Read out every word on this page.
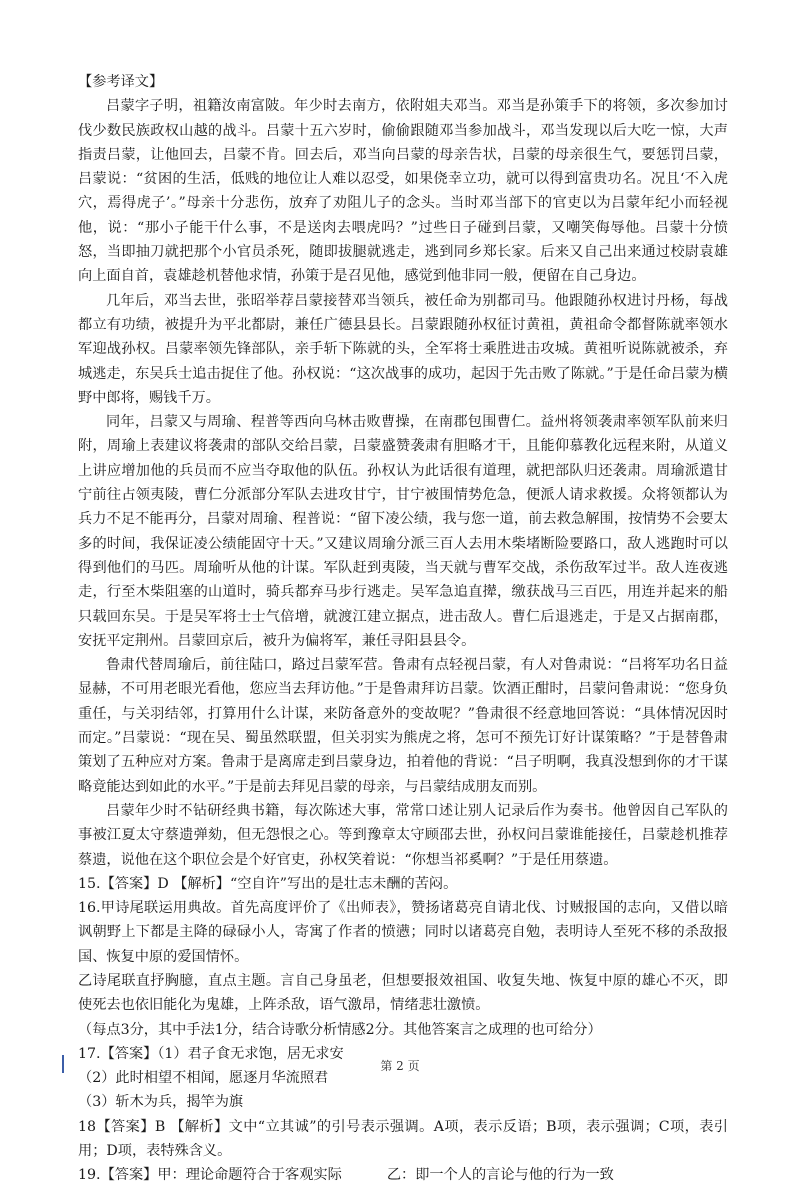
【参考译文】

吕蒙字子明，祖籍汝南富陂。年少时去南方，依附姐夫邓当。邓当是孙策手下的将领，多次参加讨伐少数民族政权山越的战斗。吕蒙十五六岁时，偷偷跟随邓当参加战斗，邓当发现以后大吃一惊，大声指责吕蒙，让他回去，吕蒙不肯。回去后，邓当向吕蒙的母亲告状，吕蒙的母亲很生气，要惩罚吕蒙，吕蒙说：“贫困的生活，低贱的地位让人难以忍受，如果侥幸立功，就可以得到富贵功名。况且‘不入虎穴，焉得虎子’。”母亲十分悲伤，放弃了劝阻儿子的念头。当时邓当部下的官吏以为吕蒙年纪小而轻视他，说：“那小子能干什么事，不是送肉去喂虎吗？”过些日子碰到吕蒙，又嘲笑侮辱他。吕蒙十分愤怒，当即抽刀就把那个小官员杀死，随即拔腿就逃走，逃到同乡郑长家。后来又自己出来通过校尉袁雄向上面自首，袁雄趁机替他求情，孙策于是召见他，感觉到他非同一般，便留在自己身边。

几年后，邓当去世，张昭举荐吕蒙接替邓当领兵，被任命为别都司马。他跟随孙权进讨丹杨，每战都立有功绩，被提升为平北都尉，兼任广德县县长。吕蒙跟随孙权征讨黄祖，黄祖命令都督陈就率领水军迎战孙权。吕蒙率领先锋部队，亲手斩下陈就的头，全军将士乘胜进击攻城。黄祖听说陈就被杀，弃城逃走，东吴兵士追击捉住了他。孙权说：“这次战事的成功，起因于先击败了陈就。”于是任命吕蒙为横野中郎将，赐钱千万。

同年，吕蒙又与周瑜、程普等西向乌林击败曹操，在南郡包围曹仁。益州将领袭肃率领军队前来归附，周瑜上表建议将袭肃的部队交给吕蒙，吕蒙盛赞袭肃有胆略才干，且能仰慕教化远程来附，从道义上讲应增加他的兵员而不应当夺取他的队伍。孙权认为此话很有道理，就把部队归还袭肃。周瑜派遣甘宁前往占领夷陵，曹仁分派部分军队去进攻甘宁，甘宁被围情势危急，便派人请求救援。众将领都认为兵力不足不能再分，吕蒙对周瑜、程普说：“留下凌公绩，我与您一道，前去救急解围，按情势不会要太多的时间，我保证凌公绩能固守十天。”又建议周瑜分派三百人去用木柴堵断险要路口，敌人逃跑时可以得到他们的马匹。周瑜听从他的计谋。军队赶到夷陵，当天就与曹军交战，杀伤敌军过半。敌人连夜逃走，行至木柴阻塞的山道时，骑兵都弃马步行逃走。吴军急追直撵，缴获战马三百匹，用连并起来的船只载回东吴。于是吴军将士士气倍增，就渡江建立据点，进击敌人。曹仁后退逃走，于是又占据南郡，安抚平定荆州。吕蒙回京后，被升为偏将军，兼任寻阳县县令。

鲁肃代替周瑜后，前往陆口，路过吕蒙军营。鲁肃有点轻视吕蒙，有人对鲁肃说：“吕将军功名日益显赫，不可用老眼光看他，您应当去拜访他。”于是鲁肃拜访吕蒙。饮酒正酣时，吕蒙问鲁肃说：“您身负重任，与关羽结邻，打算用什么计谋，来防备意外的变故呢？”鲁肃很不经意地回答说：“具体情况因时而定。”吕蒙说：“现在吴、蜀虽然联盟，但关羽实为熊虎之将，怎可不预先订好计谋策略？”于是替鲁肃策划了五种应对方案。鲁肃于是离席走到吕蒙身边，拍着他的背说：“吕子明啊，我真没想到你的才干谋略竟能达到如此的水平。”于是前去拜见吕蒙的母亲，与吕蒙结成朋友而别。

吕蒙年少时不钻研经典书籍，每次陈述大事，常常口述让别人记录后作为奏书。他曾因自己军队的事被江夏太守蔡遗弹劾，但无怨恨之心。等到豫章太守顾邵去世，孙权问吕蒙谁能接任，吕蒙趁机推荐蔡遗，说他在这个职位会是个好官吏，孙权笑着说：“你想当祁奚啊？”于是任用蔡遗。

15.【答案】D 【解析】“空自许”写出的是壮志未酬的苦闷。

16.甲诗尾联运用典故。首先高度评价了《出师表》，赞扬诸葛亮自请北伐、讨贼报国的志向，又借以暗讽朝野上下都是主降的碌碌小人，寄寓了作者的愤懑；同时以诸葛亮自勉，表明诗人至死不移的杀敌报国、恢复中原的爱国情怀。

乙诗尾联直抒胸臆，直点主题。言自己身虽老，但想要报效祖国、收复失地、恢复中原的雄心不灭，即使死去也依旧能化为鬼雄，上阵杀敌，语气激昂，情绪悲壮激愤。

（每点3分，其中手法1分，结合诗歌分析情感2分。其他答案言之成理的也可给分）

17.【答案】（1）君子食无求饱，居无求安

（2）此时相望不相闻，愿逐月华流照君

（3）斩木为兵，揭竿为旗

18【答案】B 【解析】文中“立其诚”的引号表示强调。A项，表示反语；B项，表示强调；C项，表引用；D项，表特殊含义。

19.【答案】甲：理论命题符合于客观实际          乙：即一个人的言论与他的行为一致

第 2 页
